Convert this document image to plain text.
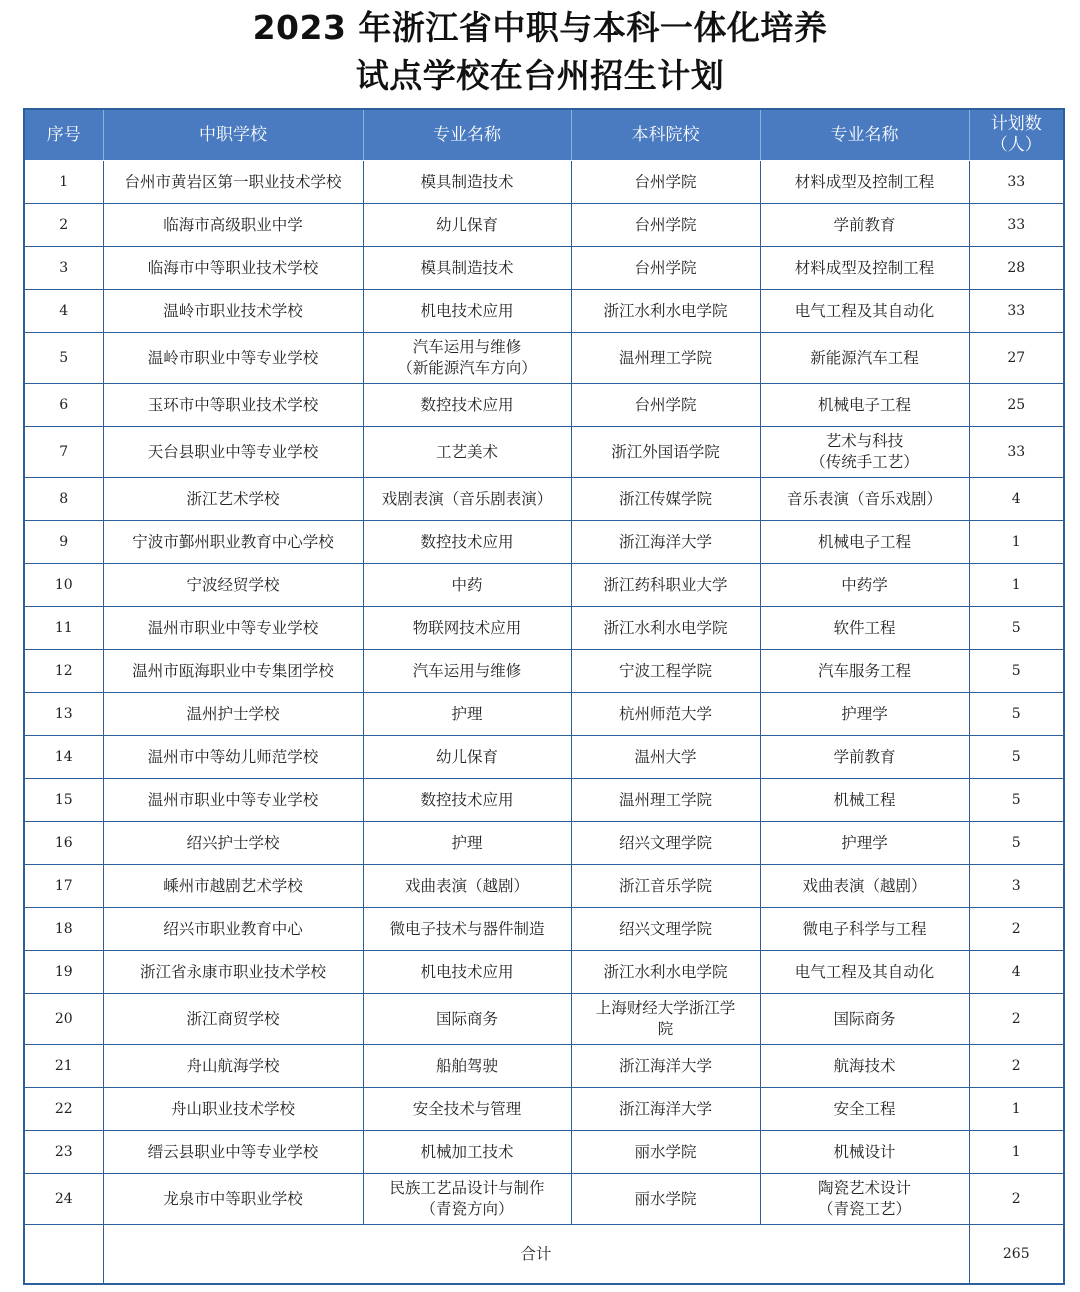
2023 年浙江省中职与本科一体化培养
试点学校在台州招生计划
序号	中职学校	专业名称	本科院校	专业名称	计划数
（人）

1	台州市黄岩区第一职业技术学校	模具制造技术	台州学院	材料成型及控制工程	33
2	临海市高级职业中学	幼儿保育	台州学院	学前教育	33
3	临海市中等职业技术学校	模具制造技术	台州学院	材料成型及控制工程	28
4	温岭市职业技术学校	机电技术应用	浙江水利水电学院	电气工程及其自动化	33
5	温岭市职业中等专业学校	汽车运用与维修
（新能源汽车方向）	温州理工学院	新能源汽车工程	27
6	玉环市中等职业技术学校	数控技术应用	台州学院	机械电子工程	25
7	天台县职业中等专业学校	工艺美术	浙江外国语学院	艺术与科技
（传统手工艺）	33
8	浙江艺术学校	戏剧表演（音乐剧表演）	浙江传媒学院	音乐表演（音乐戏剧）	4
9	宁波市鄞州职业教育中心学校	数控技术应用	浙江海洋大学	机械电子工程	1
10	宁波经贸学校	中药	浙江药科职业大学	中药学	1
11	温州市职业中等专业学校	物联网技术应用	浙江水利水电学院	软件工程	5
12	温州市瓯海职业中专集团学校	汽车运用与维修	宁波工程学院	汽车服务工程	5
13	温州护士学校	护理	杭州师范大学	护理学	5
14	温州市中等幼儿师范学校	幼儿保育	温州大学	学前教育	5
15	温州市职业中等专业学校	数控技术应用	温州理工学院	机械工程	5
16	绍兴护士学校	护理	绍兴文理学院	护理学	5
17	嵊州市越剧艺术学校	戏曲表演（越剧）	浙江音乐学院	戏曲表演（越剧）	3
18	绍兴市职业教育中心	微电子技术与器件制造	绍兴文理学院	微电子科学与工程	2
19	浙江省永康市职业技术学校	机电技术应用	浙江水利水电学院	电气工程及其自动化	4
20	浙江商贸学校	国际商务	上海财经大学浙江学
院	国际商务	2
21	舟山航海学校	船舶驾驶	浙江海洋大学	航海技术	2
22	舟山职业技术学校	安全技术与管理	浙江海洋大学	安全工程	1
23	缙云县职业中等专业学校	机械加工技术	丽水学院	机械设计	1
24	龙泉市中等职业学校	民族工艺品设计与制作
（青瓷方向）	丽水学院	陶瓷艺术设计
（青瓷工艺）	2
	合计				265
